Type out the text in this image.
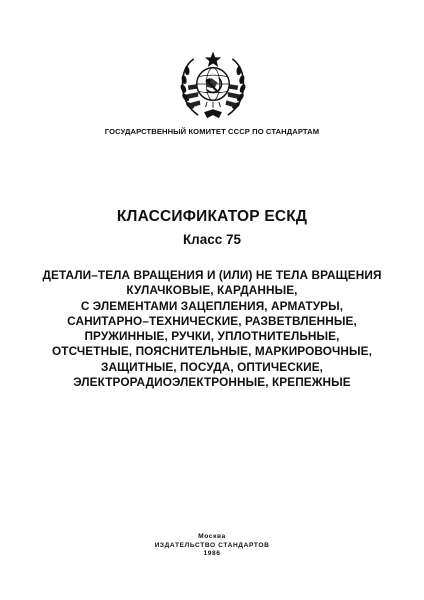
ГОСУДАРСТВЕННЫЙ КОМИТЕТ СССР ПО СТАНДАРТАМ
КЛАССИФИКАТОР ЕСКД
Класс 75
ДЕТАЛИ–ТЕЛА ВРАЩЕНИЯ И (ИЛИ) НЕ ТЕЛА ВРАЩЕНИЯ
КУЛАЧКОВЫЕ, КАРДАННЫЕ,
С ЭЛЕМЕНТАМИ ЗАЦЕПЛЕНИЯ, АРМАТУРЫ,
САНИТАРНО–ТЕХНИЧЕСКИЕ, РАЗВЕТВЛЕННЫЕ,
ПРУЖИННЫЕ, РУЧКИ, УПЛОТНИТЕЛЬНЫЕ,
ОТСЧЕТНЫЕ, ПОЯСНИТЕЛЬНЫЕ, МАРКИРОВОЧНЫЕ,
ЗАЩИТНЫЕ, ПОСУДА, ОПТИЧЕСКИЕ,
ЭЛЕКТРОРАДИОЭЛЕКТРОННЫЕ, КРЕПЕЖНЫЕ
Москва
ИЗДАТЕЛЬСТВО СТАНДАРТОВ
1986
